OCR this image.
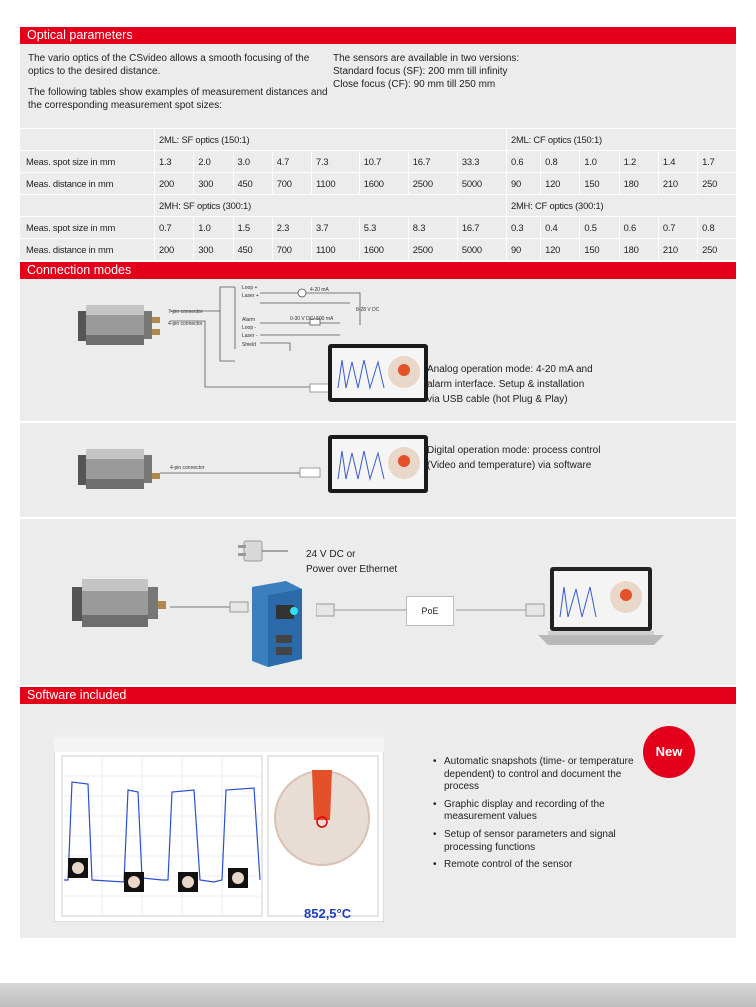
Optical parameters

The vario optics of the CSvideo allows a smooth focusing of the optics to the desired distance.

The following tables show examples of measurement distances and the corresponding measurement spot sizes:

The sensors are available in two versions:
Standard focus (SF): 200 mm till infinity
Close focus (CF): 90 mm till 250 mm
	2ML: SF optics (150:1)								2ML: CF optics (150:1)					
Meas. spot size in mm	1.3	2.0	3.0	4.7	7.3	10.7	16.7	33.3	0.6	0.8	1.0	1.2	1.4	1.7
Meas. distance in mm	200	300	450	700	1100	1600	2500	5000	90	120	150	180	210	250
	2MH: SF optics (300:1)								2MH: CF optics (300:1)					
Meas. spot size in mm	0.7	1.0	1.5	2.3	3.7	5.3	8.3	16.7	0.3	0.4	0.5	0.6	0.7	0.8
Meas. distance in mm	200	300	450	700	1100	1600	2500	5000	90	120	150	180	210	250
Connection modes
7-pin connector
4-pin connector
Loop +
Laser +
4-20 mA
8-28 V DC
Alarm	0-30 V DC/ 500 mA
Loop -
Laser -
Shield
Analog operation mode: 4-20 mA and
alarm interface. Setup & installation
via USB cable (hot Plug & Play)
4-pin connector
Digital operation mode: process control
(Video and temperature) via software
24 V DC or
Power over Ethernet
PoE
Software included
852,5°C
• Automatic snapshots (time- or temperature dependent) to control and document the process
• Graphic display and recording of the measurement values
• Setup of sensor parameters and signal processing functions
• Remote control of the sensor
New
